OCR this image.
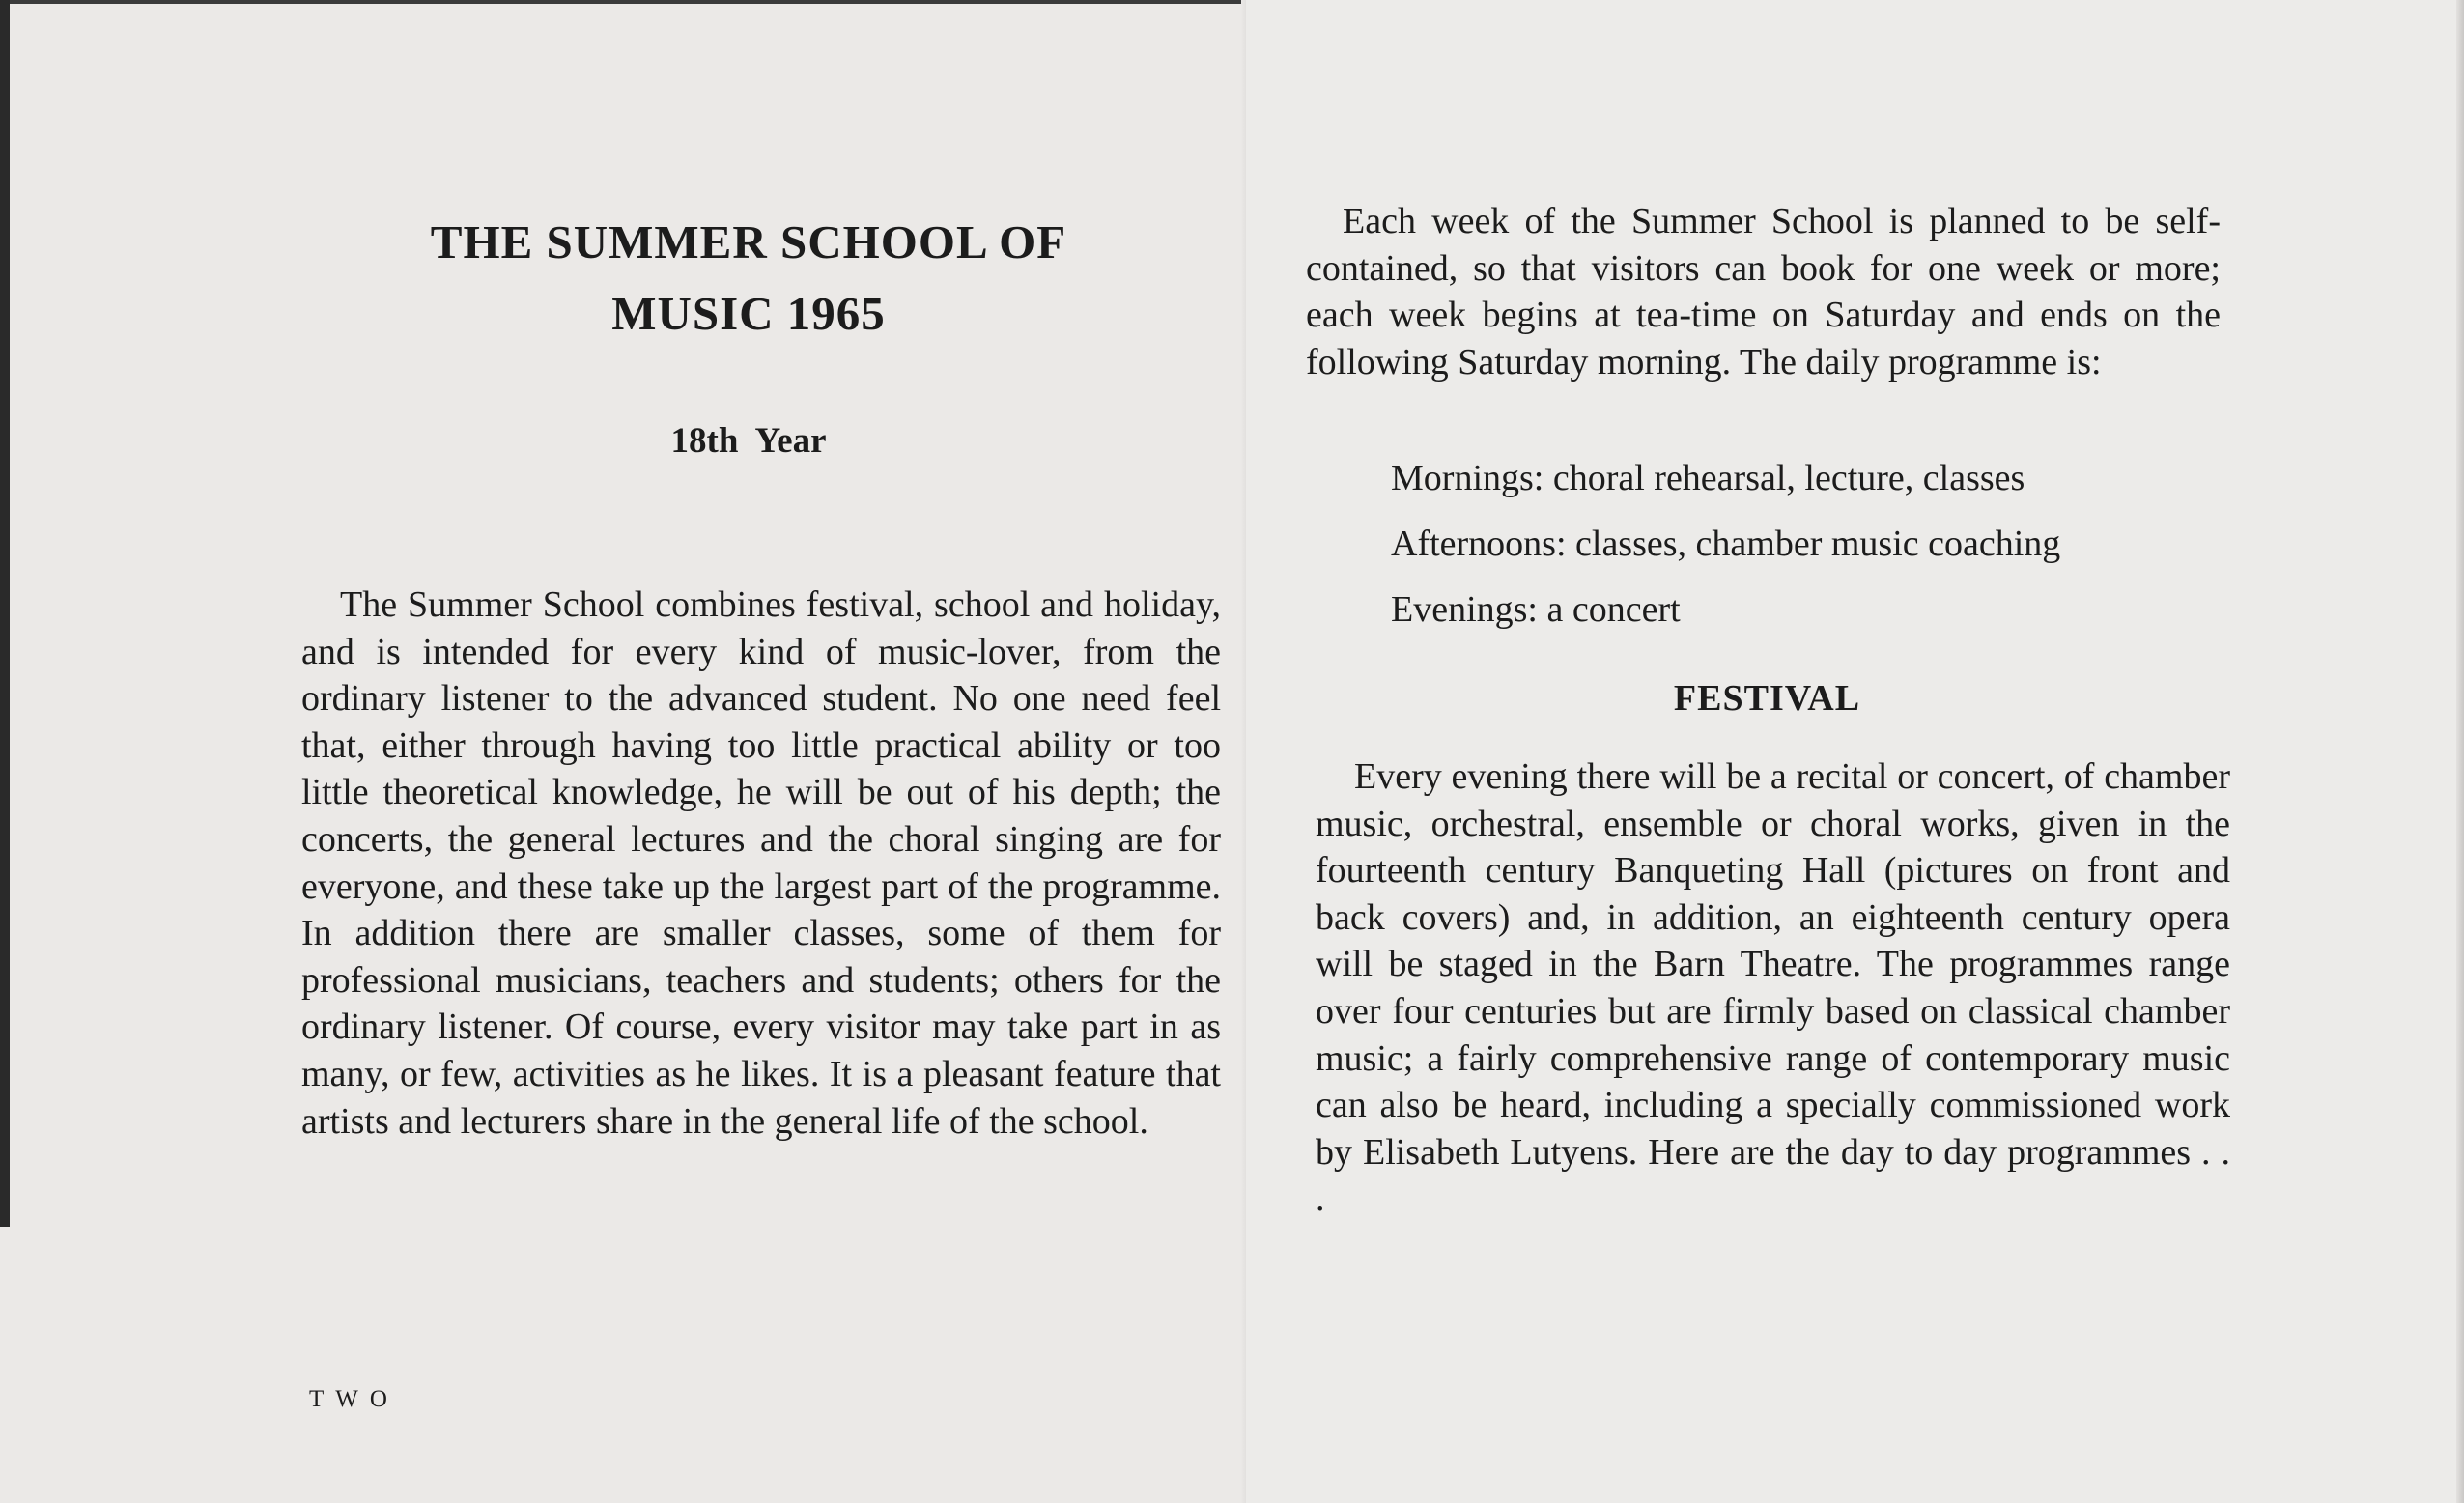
THE SUMMER SCHOOL OF
MUSIC 1965

18th  Year

The Summer School combines festival, school and holiday, and is intended for every kind of music-lover, from the ordinary listener to the advanced student. No one need feel that, either through having too little practical ability or too little theoretical knowledge, he will be out of his depth; the concerts, the general lectures and the choral singing are for everyone, and these take up the largest part of the programme. In addition there are smaller classes, some of them for professional musicians, teachers and students; others for the ordinary listener. Of course, every visitor may take part in as many, or few, activities as he likes. It is a pleasant feature that artists and lecturers share in the general life of the school.

TWO

Each week of the Summer School is planned to be self-contained, so that visitors can book for one week or more; each week begins at tea-time on Saturday and ends on the following Saturday morning. The daily programme is:

Mornings: choral rehearsal, lecture, classes
Afternoons: classes, chamber music coaching
Evenings: a concert
FESTIVAL

Every evening there will be a recital or concert, of chamber music, orchestral, ensemble or choral works, given in the fourteenth century Banqueting Hall (pictures on front and back covers) and, in addition, an eighteenth century opera will be staged in the Barn Theatre. The programmes range over four centuries but are firmly based on classical chamber music; a fairly comprehensive range of contemporary music can also be heard, including a specially commissioned work by Elisabeth Lutyens. Here are the day to day programmes . . .
